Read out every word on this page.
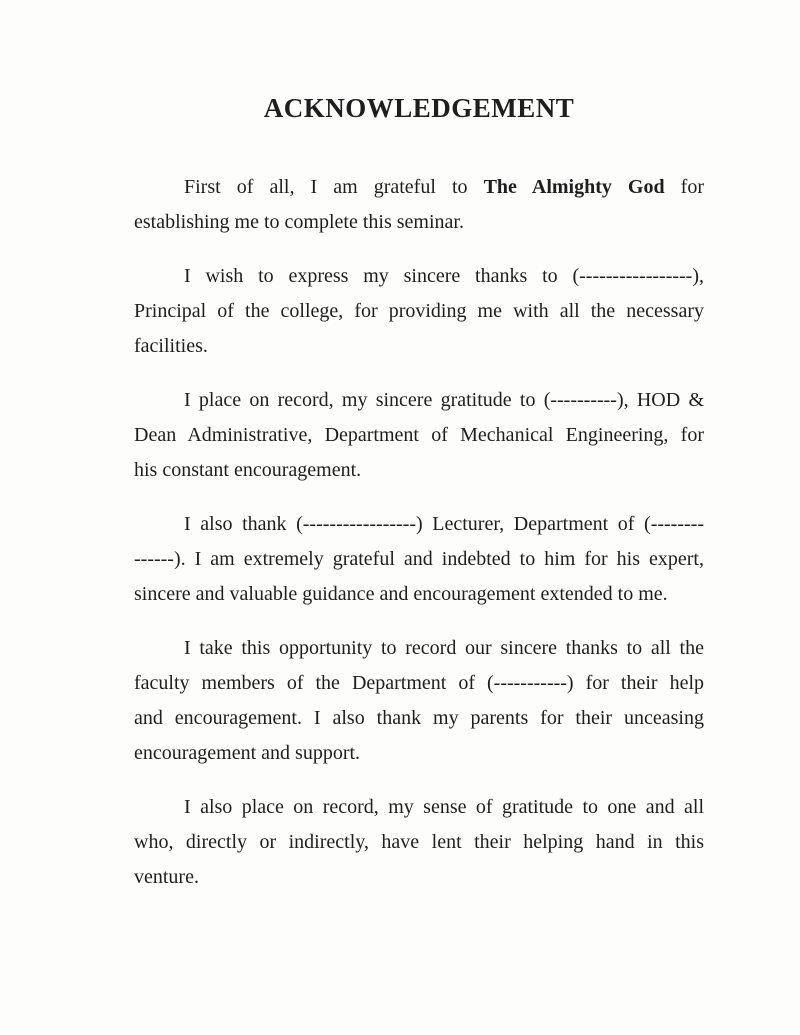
ACKNOWLEDGEMENT

First of all, I am grateful to The Almighty God for
establishing me to complete this seminar.

I wish to express my sincere thanks to (-----------------),
Principal of the college, for providing me with all the necessary
facilities.

I place on record, my sincere gratitude to (----------), HOD &
Dean Administrative, Department of Mechanical Engineering, for
his constant encouragement.

I also thank (-----------------) Lecturer, Department of (--------
------). I am extremely grateful and indebted to him for his expert,
sincere and valuable guidance and encouragement extended to me.

I take this opportunity to record our sincere thanks to all the
faculty members of the Department of (-----------) for their help
and encouragement. I also thank my parents for their unceasing
encouragement and support.

I also place on record, my sense of gratitude to one and all
who, directly or indirectly, have lent their helping hand in this
venture.
